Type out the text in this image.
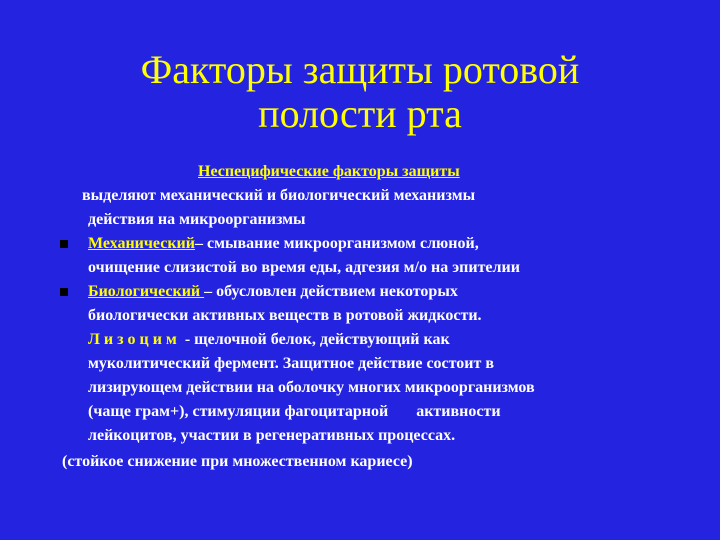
Факторы защиты ротовой
полости рта
Неспецифические факторы защиты
выделяют механический и биологический механизмы
действия на микроорганизмы
Механический– смывание микроорганизмом слюной,
очищение слизистой во время еды, адгезия м/о на эпителии
Биологический – обусловлен действием некоторых
биологически активных веществ в ротовой жидкости.
Лизоцим - щелочной белок, действующий как
муколитический фермент. Защитное действие состоит в
лизирующем действии на оболочку многих микроорганизмов
(чаще грам+), стимуляции фагоцитарной       активности
лейкоцитов, участии в регенеративных процессах.
(стойкое снижение при множественном кариесе)
